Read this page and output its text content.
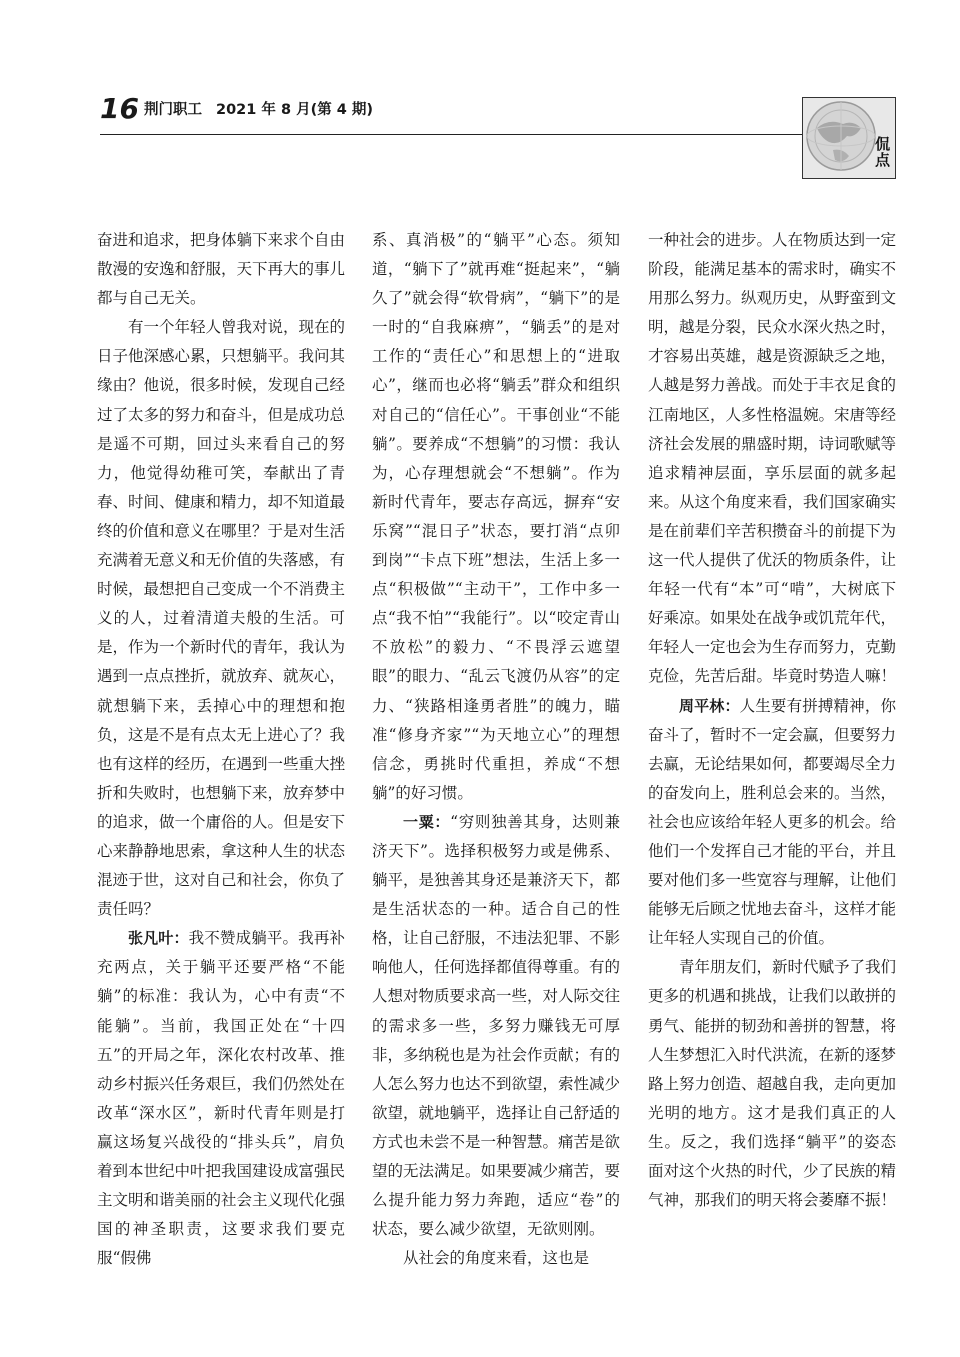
16 荆门职工 2021 年 8 月(第 4 期)
侃点

奋进和追求，把身体躺下来求个自由散漫的安逸和舒服，天下再大的事儿都与自己无关。

有一个年轻人曾我对说，现在的日子他深感心累，只想躺平。我问其缘由？他说，很多时候，发现自己经过了太多的努力和奋斗，但是成功总是遥不可期，回过头来看自己的努力，他觉得幼稚可笑，奉献出了青春、时间、健康和精力，却不知道最终的价值和意义在哪里？于是对生活充满着无意义和无价值的失落感，有时候，最想把自己变成一个不消费主义的人，过着清道夫般的生活。可是，作为一个新时代的青年，我认为遇到一点点挫折，就放弃、就灰心，就想躺下来，丢掉心中的理想和抱负，这是不是有点太无上进心了？我也有这样的经历，在遇到一些重大挫折和失败时，也想躺下来，放弃梦中的追求，做一个庸俗的人。但是安下心来静静地思索，拿这种人生的状态混迹于世，这对自己和社会，你负了责任吗？

张凡叶：我不赞成躺平。我再补充两点，关于躺平还要严格“不能躺”的标准：我认为，心中有责“不能躺”。当前，我国正处在“十四五”的开局之年，深化农村改革、推动乡村振兴任务艰巨，我们仍然处在改革“深水区”，新时代青年则是打赢这场复兴战役的“排头兵”，肩负着到本世纪中叶把我国建设成富强民主文明和谐美丽的社会主义现代化强国的神圣职责，这要求我们要克服“假佛

系、真消极”的“躺平”心态。须知道，“躺下了”就再难“挺起来”，“躺久了”就会得“软骨病”，“躺下”的是一时的“自我麻痹”，“躺丢”的是对工作的“责任心”和思想上的“进取心”，继而也必将“躺丢”群众和组织对自己的“信任心”。干事创业“不能躺”。要养成“不想躺”的习惯：我认为，心存理想就会“不想躺”。作为新时代青年，要志存高远，摒弃“安乐窝”“混日子”状态，要打消“点卯到岗”“卡点下班”想法，生活上多一点“积极做”“主动干”，工作中多一点“我不怕”“我能行”。以“咬定青山不放松”的毅力、“不畏浮云遮望眼”的眼力、“乱云飞渡仍从容”的定力、“狭路相逢勇者胜”的魄力，瞄准“修身齐家”“为天地立心”的理想信念，勇挑时代重担，养成“不想躺”的好习惯。

一粟：“穷则独善其身，达则兼济天下”。选择积极努力或是佛系、躺平，是独善其身还是兼济天下，都是生活状态的一种。适合自己的性格，让自己舒服，不违法犯罪、不影响他人，任何选择都值得尊重。有的人想对物质要求高一些，对人际交往的需求多一些，多努力赚钱无可厚非，多纳税也是为社会作贡献；有的人怎么努力也达不到欲望，索性减少欲望，就地躺平，选择让自己舒适的方式也未尝不是一种智慧。痛苦是欲望的无法满足。如果要减少痛苦，要么提升能力努力奔跑，适应“卷”的状态，要么减少欲望，无欲则刚。

从社会的角度来看，这也是

一种社会的进步。人在物质达到一定阶段，能满足基本的需求时，确实不用那么努力。纵观历史，从野蛮到文明，越是分裂，民众水深火热之时，才容易出英雄，越是资源缺乏之地，人越是努力善战。而处于丰衣足食的江南地区，人多性格温婉。宋唐等经济社会发展的鼎盛时期，诗词歌赋等追求精神层面，享乐层面的就多起来。从这个角度来看，我们国家确实是在前辈们辛苦积攒奋斗的前提下为这一代人提供了优沃的物质条件，让年轻一代有“本”可“啃”，大树底下好乘凉。如果处在战争或饥荒年代，年轻人一定也会为生存而努力，克勤克俭，先苦后甜。毕竟时势造人嘛！

周平林：人生要有拼搏精神，你奋斗了，暂时不一定会赢，但要努力去赢，无论结果如何，都要竭尽全力的奋发向上，胜利总会来的。当然，社会也应该给年轻人更多的机会。给他们一个发挥自己才能的平台，并且要对他们多一些宽容与理解，让他们能够无后顾之忧地去奋斗，这样才能让年轻人实现自己的价值。

青年朋友们，新时代赋予了我们更多的机遇和挑战，让我们以敢拼的勇气、能拼的韧劲和善拼的智慧，将人生梦想汇入时代洪流，在新的逐梦路上努力创造、超越自我，走向更加光明的地方。这才是我们真正的人生。反之，我们选择“躺平”的姿态面对这个火热的时代，少了民族的精气神，那我们的明天将会萎靡不振！
